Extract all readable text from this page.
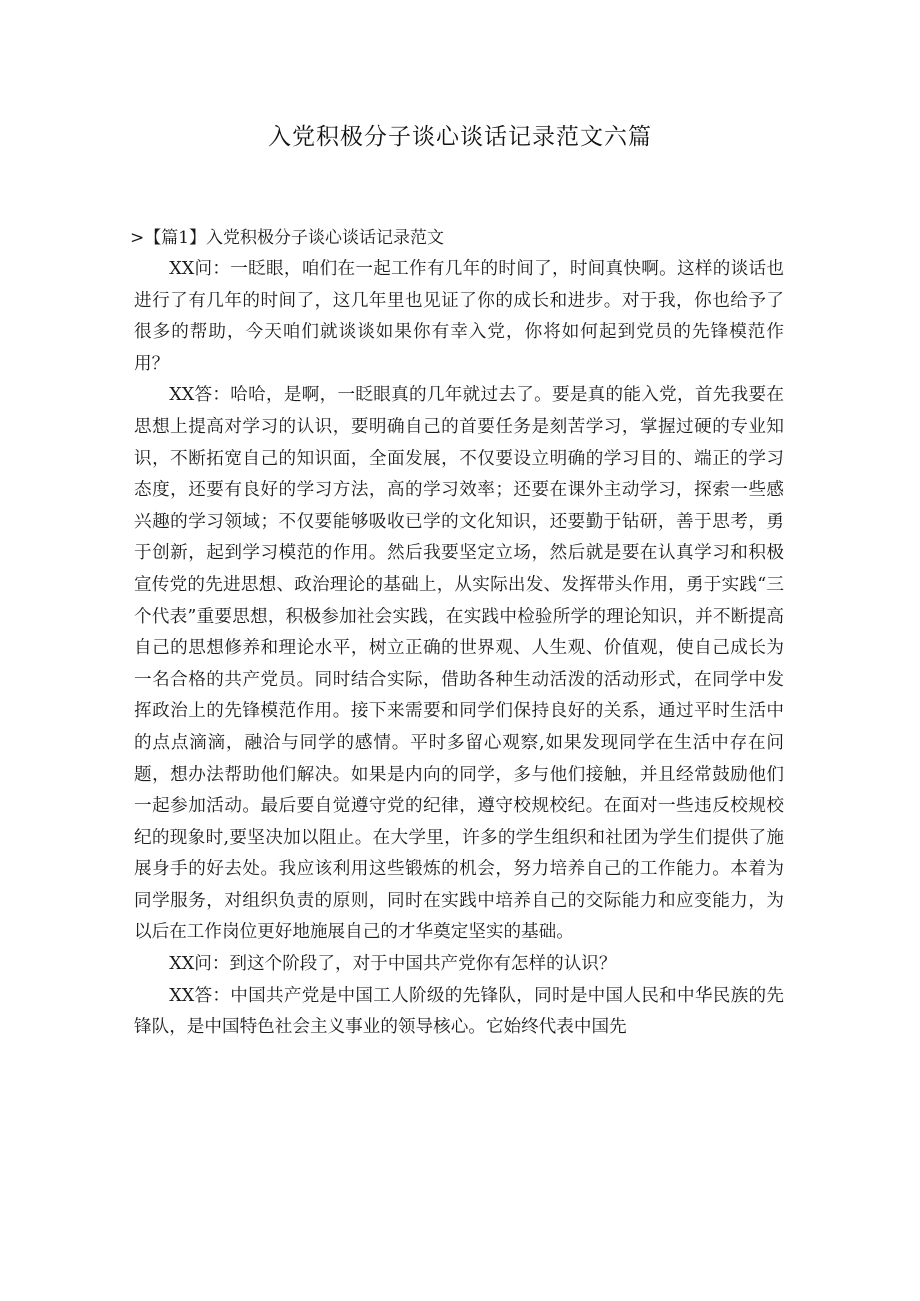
入党积极分子谈心谈话记录范文六篇
>【篇1】入党积极分子谈心谈话记录范文

XX问：一眨眼，咱们在一起工作有几年的时间了，时间真快啊。这样的谈话也进行了有几年的时间了，这几年里也见证了你的成长和进步。对于我，你也给予了很多的帮助，今天咱们就谈谈如果你有幸入党，你将如何起到党员的先锋模范作用？

XX答：哈哈，是啊，一眨眼真的几年就过去了。要是真的能入党，首先我要在思想上提高对学习的认识，要明确自己的首要任务是刻苦学习，掌握过硬的专业知识，不断拓宽自己的知识面，全面发展，不仅要设立明确的学习目的、端正的学习态度，还要有良好的学习方法，高的学习效率；还要在课外主动学习，探索一些感兴趣的学习领域；不仅要能够吸收已学的文化知识，还要勤于钻研，善于思考，勇于创新，起到学习模范的作用。然后我要坚定立场，然后就是要在认真学习和积极宣传党的先进思想、政治理论的基础上，从实际出发、发挥带头作用，勇于实践“三个代表”重要思想，积极参加社会实践，在实践中检验所学的理论知识，并不断提高自己的思想修养和理论水平，树立正确的世界观、人生观、价值观，使自己成长为一名合格的共产党员。同时结合实际，借助各种生动活泼的活动形式，在同学中发挥政治上的先锋模范作用。接下来需要和同学们保持良好的关系，通过平时生活中的点点滴滴，融洽与同学的感情。平时多留心观察,如果发现同学在生活中存在问题，想办法帮助他们解决。如果是内向的同学，多与他们接触，并且经常鼓励他们一起参加活动。最后要自觉遵守党的纪律，遵守校规校纪。在面对一些违反校规校纪的现象时,要坚决加以阻止。在大学里，许多的学生组织和社团为学生们提供了施展身手的好去处。我应该利用这些锻炼的机会，努力培养自己的工作能力。本着为同学服务，对组织负责的原则，同时在实践中培养自己的交际能力和应变能力，为以后在工作岗位更好地施展自己的才华奠定坚实的基础。

XX问：到这个阶段了，对于中国共产党你有怎样的认识？

XX答：中国共产党是中国工人阶级的先锋队，同时是中国人民和中华民族的先锋队，是中国特色社会主义事业的领导核心。它始终代表中国先
